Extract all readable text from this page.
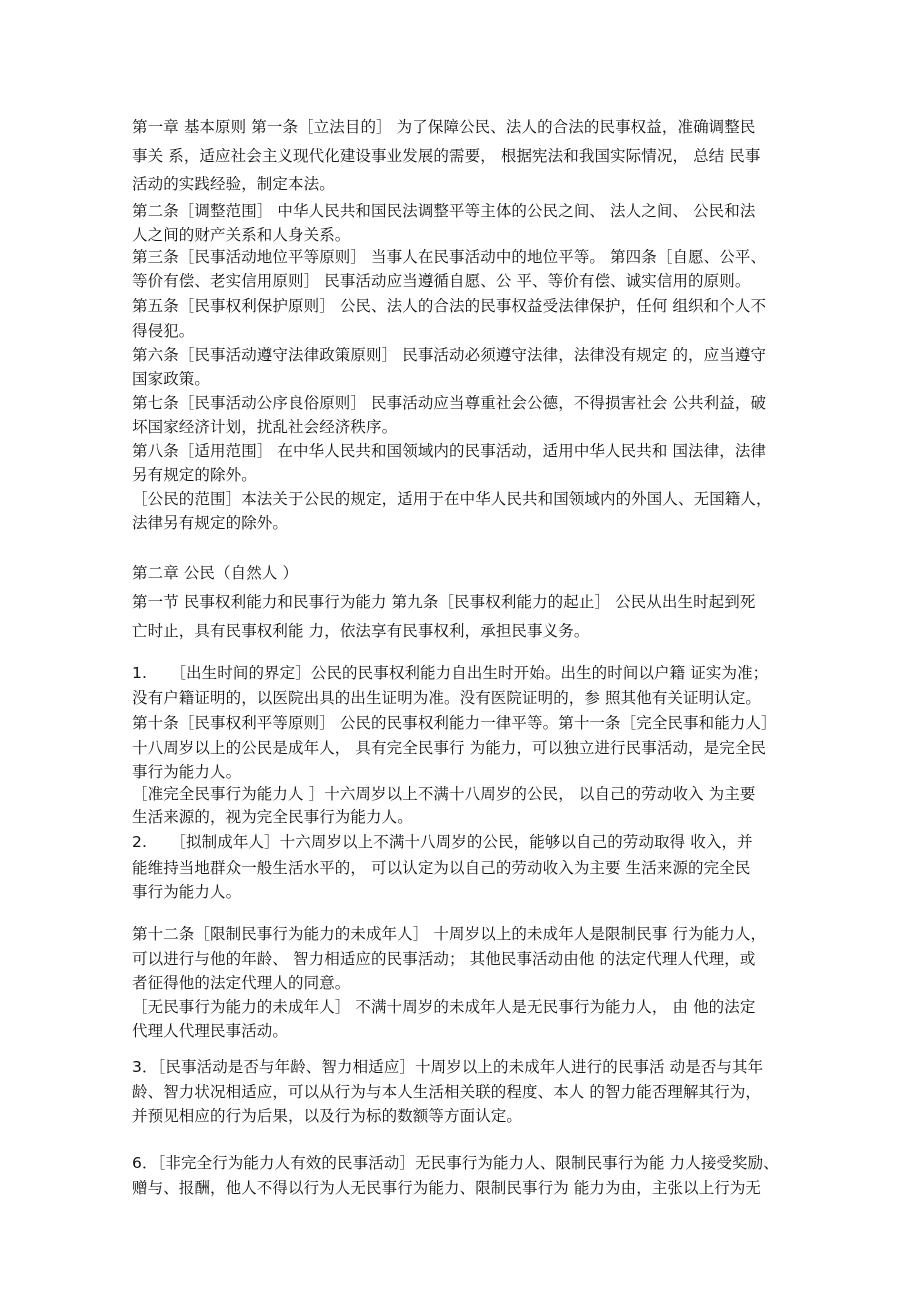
第一章 基本原则 第一条［立法目的］ 为了保障公民、法人的合法的民事权益，准确调整民
事关 系，适应社会主义现代化建设事业发展的需要， 根据宪法和我国实际情况， 总结 民事
活动的实践经验，制定本法。
第二条［调整范围］ 中华人民共和国民法调整平等主体的公民之间、 法人之间、 公民和法
人之间的财产关系和人身关系。
第三条［民事活动地位平等原则］ 当事人在民事活动中的地位平等。 第四条［自愿、公平、
等价有偿、老实信用原则］ 民事活动应当遵循自愿、公 平、等价有偿、诚实信用的原则。
第五条［民事权利保护原则］ 公民、法人的合法的民事权益受法律保护，任何 组织和个人不
得侵犯。
第六条［民事活动遵守法律政策原则］ 民事活动必须遵守法律，法律没有规定 的，应当遵守
国家政策。
第七条［民事活动公序良俗原则］ 民事活动应当尊重社会公德，不得损害社会 公共利益，破
坏国家经济计划，扰乱社会经济秩序。
第八条［适用范围］ 在中华人民共和国领域内的民事活动，适用中华人民共和 国法律，法律
另有规定的除外。
［公民的范围］本法关于公民的规定，适用于在中华人民共和国领域内的外国人、无国籍人，
法律另有规定的除外。
第二章 公民（自然人 ）
第一节 民事权利能力和民事行为能力 第九条［民事权利能力的起止］ 公民从出生时起到死
亡时止，具有民事权利能 力，依法享有民事权利，承担民事义务。
1.　　［出生时间的界定］公民的民事权利能力自出生时开始。出生的时间以户籍 证实为准；
没有户籍证明的，以医院出具的出生证明为准。没有医院证明的，参 照其他有关证明认定。
第十条［民事权利平等原则］ 公民的民事权利能力一律平等。第十一条［完全民事和能力人］
十八周岁以上的公民是成年人， 具有完全民事行 为能力，可以独立进行民事活动，是完全民
事行为能力人。
［准完全民事行为能力人 ］十六周岁以上不满十八周岁的公民， 以自己的劳动收入 为主要
生活来源的，视为完全民事行为能力人。
2.　　［拟制成年人］十六周岁以上不满十八周岁的公民，能够以自己的劳动取得 收入，并
能维持当地群众一般生活水平的， 可以认定为以自己的劳动收入为主要 生活来源的完全民
事行为能力人。
第十二条［限制民事行为能力的未成年人］ 十周岁以上的未成年人是限制民事 行为能力人，
可以进行与他的年龄、 智力相适应的民事活动； 其他民事活动由他 的法定代理人代理，或
者征得他的法定代理人的同意。
［无民事行为能力的未成年人］ 不满十周岁的未成年人是无民事行为能力人， 由 他的法定
代理人代理民事活动。
3．［民事活动是否与年龄、智力相适应］十周岁以上的未成年人进行的民事活 动是否与其年
龄、智力状况相适应，可以从行为与本人生活相关联的程度、本人 的智力能否理解其行为，
并预见相应的行为后果，以及行为标的数额等方面认定。
6．［非完全行为能力人有效的民事活动］无民事行为能力人、限制民事行为能 力人接受奖励、
赠与、报酬，他人不得以行为人无民事行为能力、限制民事行为 能力为由，主张以上行为无
